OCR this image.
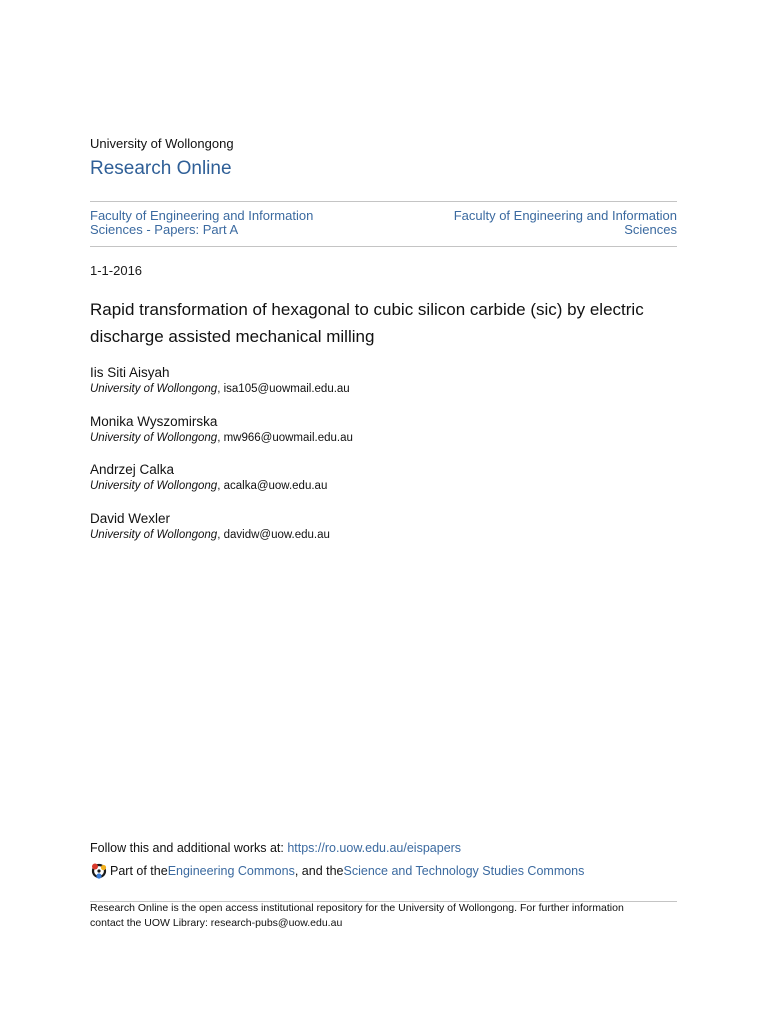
University of Wollongong
Research Online
Faculty of Engineering and Information Sciences - Papers: Part A
Faculty of Engineering and Information Sciences
1-1-2016
Rapid transformation of hexagonal to cubic silicon carbide (sic) by electric discharge assisted mechanical milling
Iis Siti Aisyah
University of Wollongong, isa105@uowmail.edu.au
Monika Wyszomirska
University of Wollongong, mw966@uowmail.edu.au
Andrzej Calka
University of Wollongong, acalka@uow.edu.au
David Wexler
University of Wollongong, davidw@uow.edu.au
Follow this and additional works at: https://ro.uow.edu.au/eispapers
Part of the Engineering Commons , and the Science and Technology Studies Commons
Research Online is the open access institutional repository for the University of Wollongong. For further information
contact the UOW Library: research-pubs@uow.edu.au
